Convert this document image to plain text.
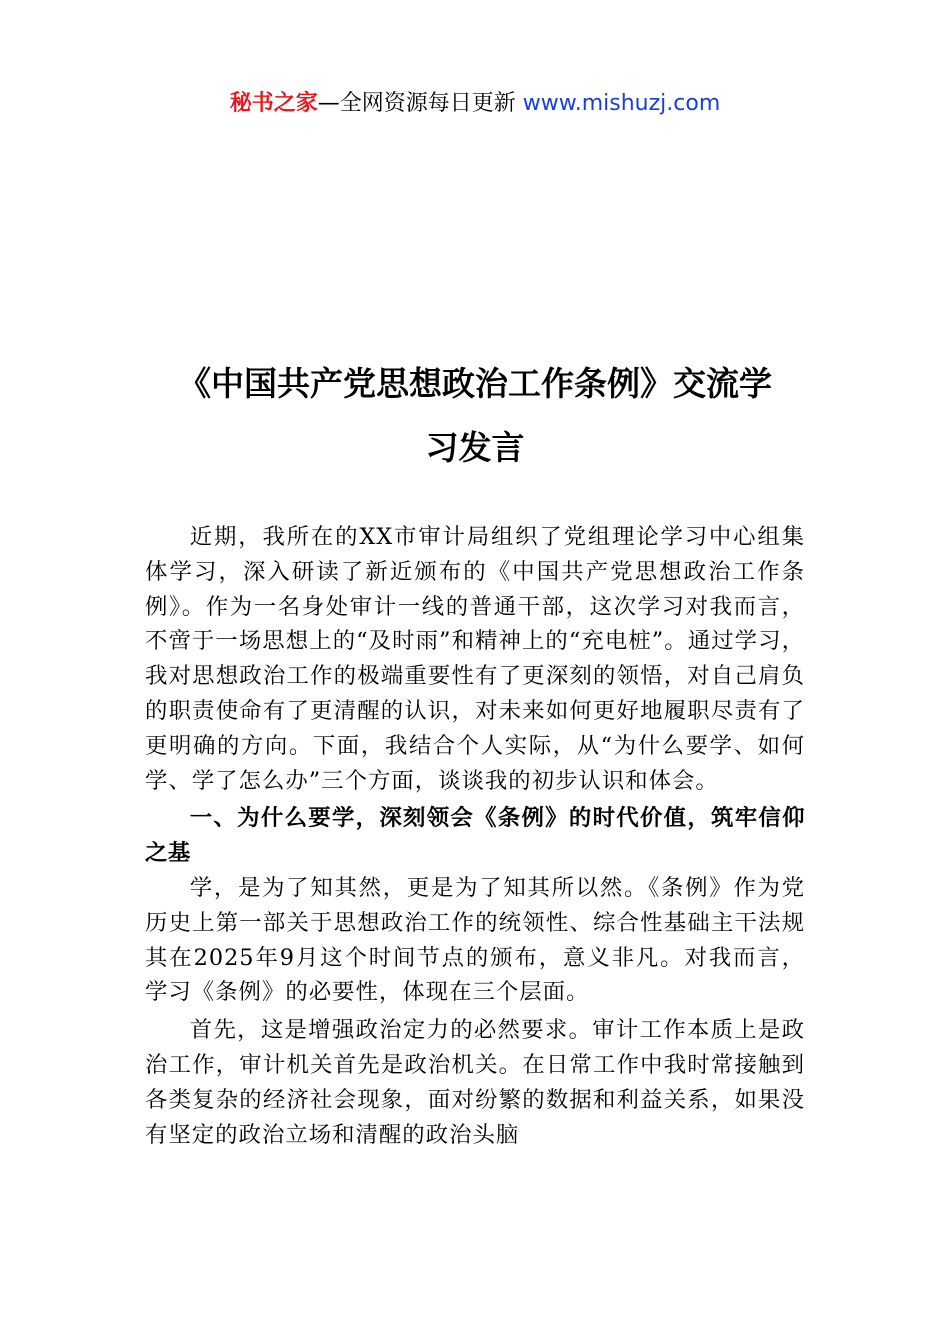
秘书之家—全网资源每日更新 www.mishuzj.com
《中国共产党思想政治工作条例》交流学
习发言

近期，我所在的XX市审计局组织了党组理论学习中心组集体学习，深入研读了新近颁布的《中国共产党思想政治工作条例》。作为一名身处审计一线的普通干部，这次学习对我而言，不啻于一场思想上的“及时雨”和精神上的“充电桩”。通过学习，我对思想政治工作的极端重要性有了更深刻的领悟，对自己肩负的职责使命有了更清醒的认识，对未来如何更好地履职尽责有了更明确的方向。下面，我结合个人实际，从“为什么要学、如何学、学了怎么办”三个方面，谈谈我的初步认识和体会。

一、为什么要学，深刻领会《条例》的时代价值，筑牢信仰之基

学，是为了知其然，更是为了知其所以然。《条例》作为党历史上第一部关于思想政治工作的统领性、综合性基础主干法规其在2025年9月这个时间节点的颁布，意义非凡。对我而言，学习《条例》的必要性，体现在三个层面。

首先，这是增强政治定力的必然要求。审计工作本质上是政治工作，审计机关首先是政治机关。在日常工作中我时常接触到各类复杂的经济社会现象，面对纷繁的数据和利益关系，如果没有坚定的政治立场和清醒的政治头脑
